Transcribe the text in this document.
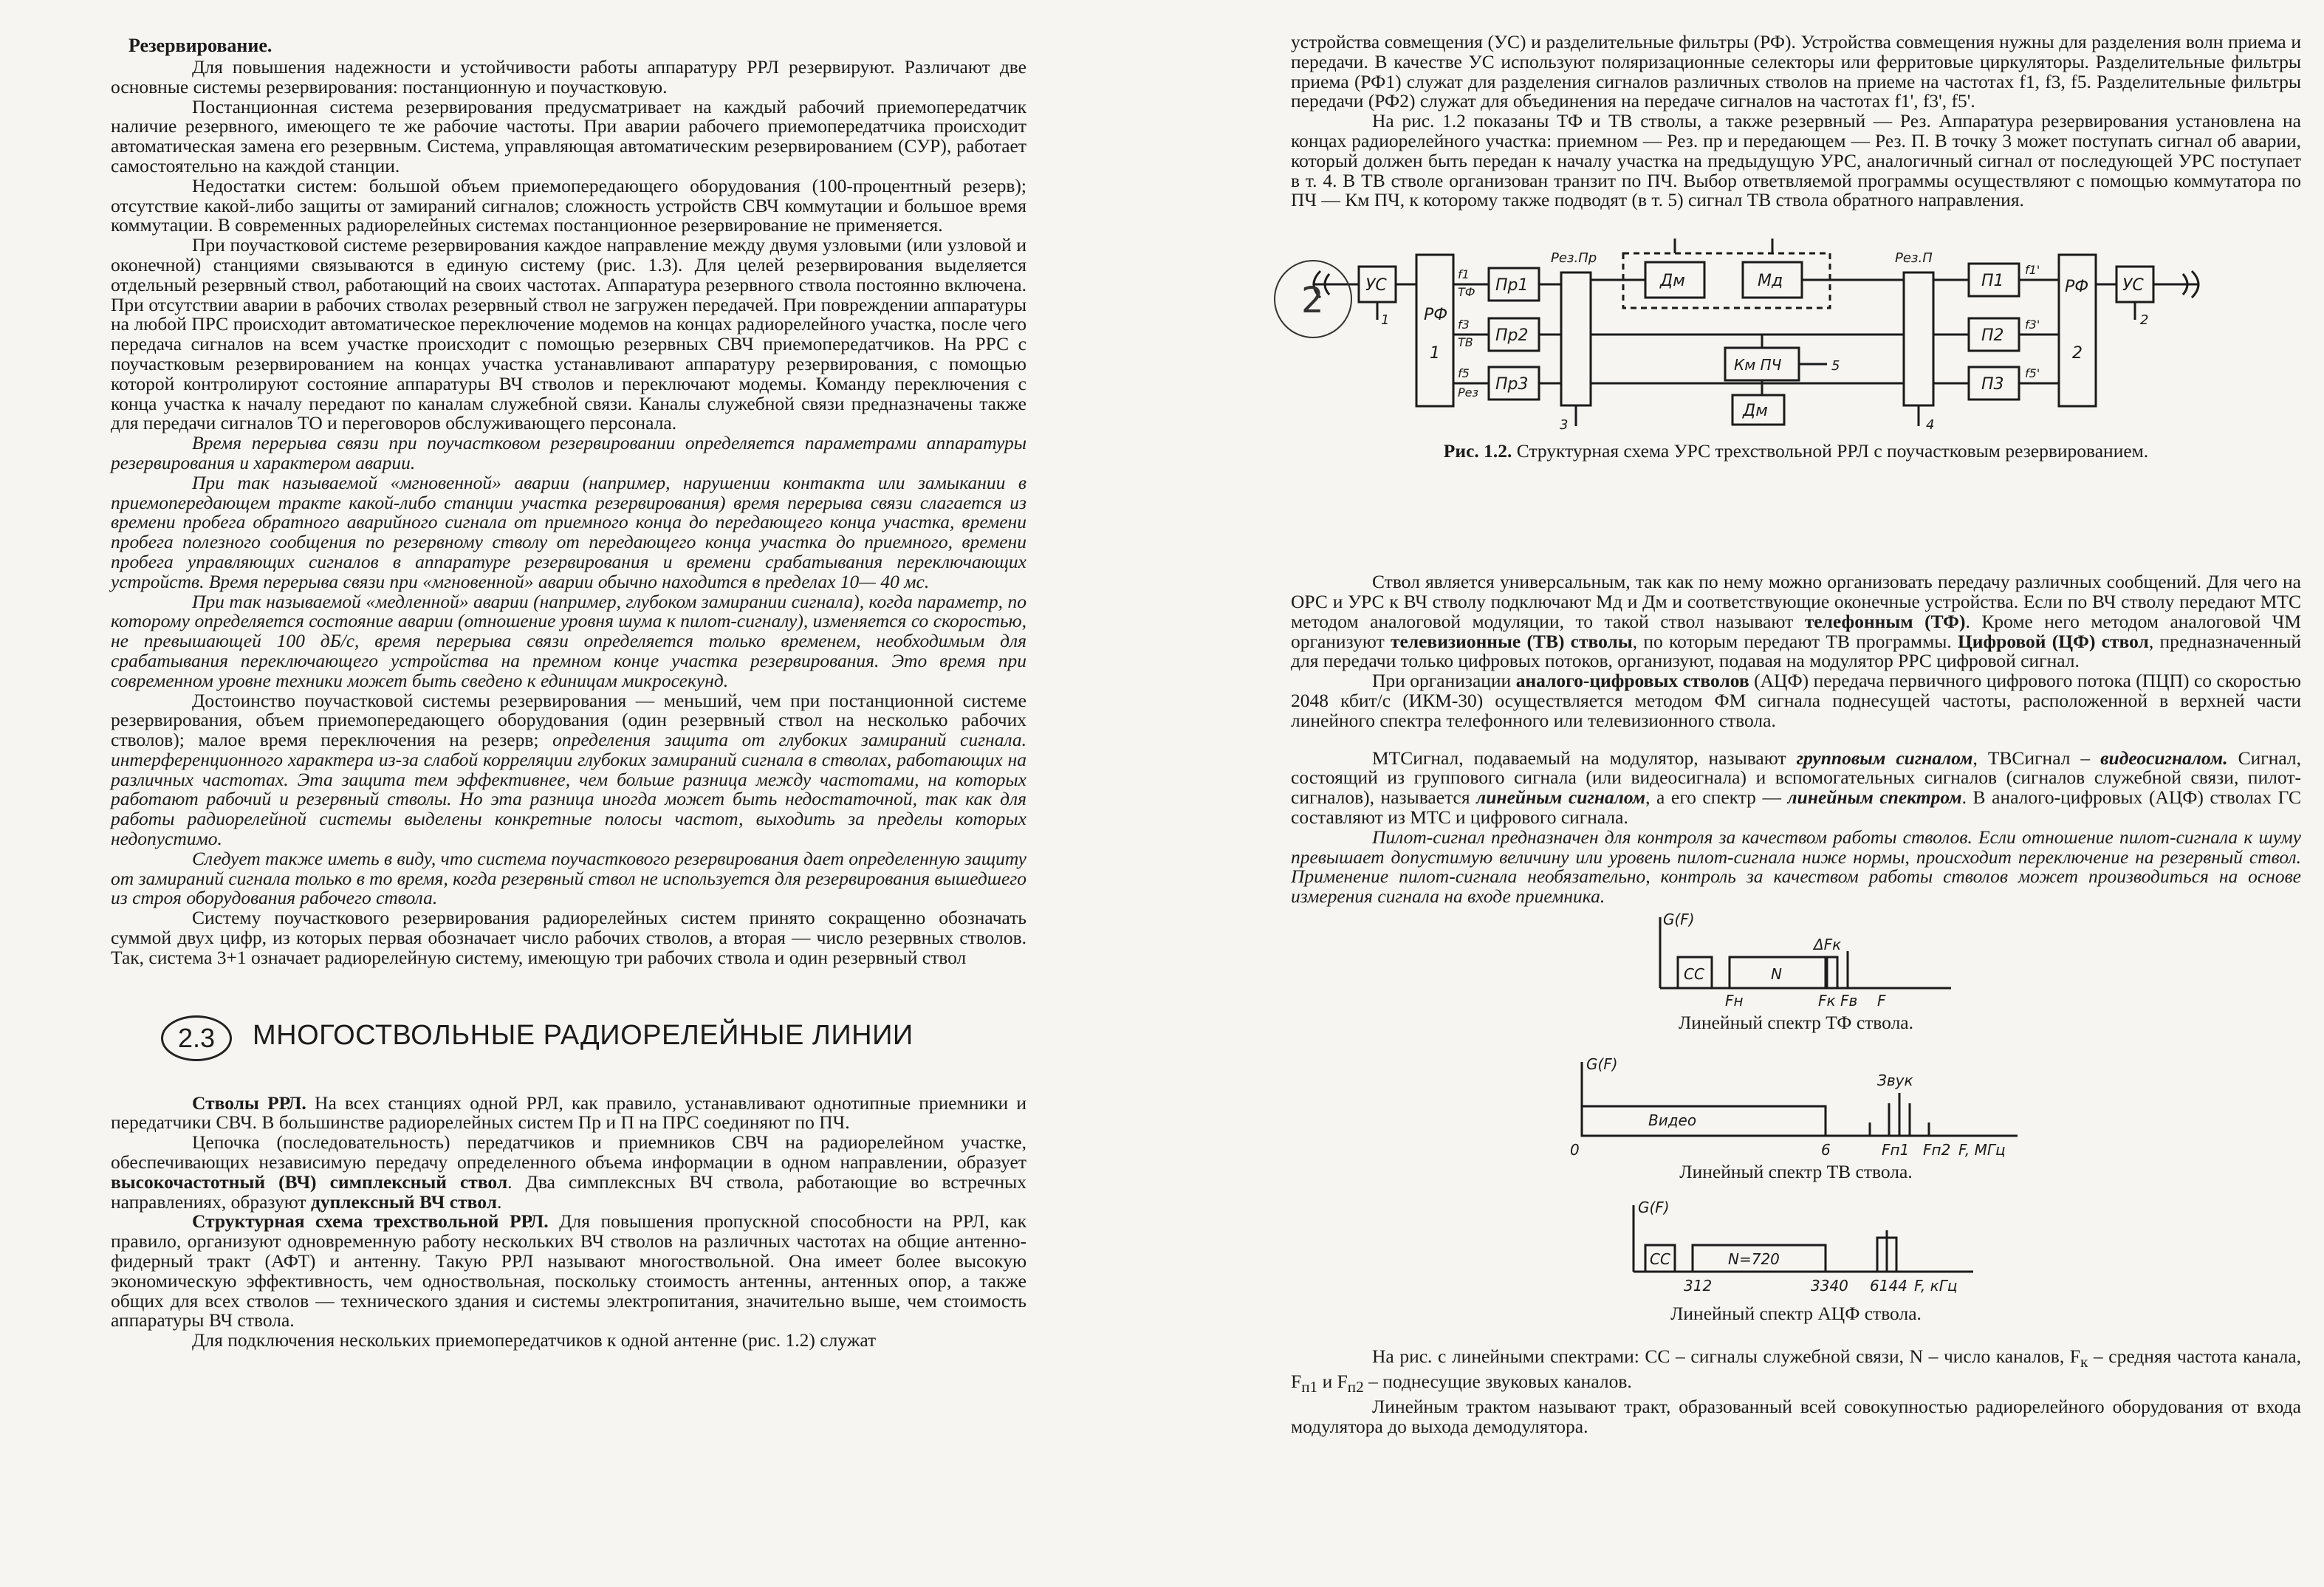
Резервирование.

Для повышения надежности и устойчивости работы аппаратуру РРЛ резервируют. Различают две основные системы резервирования: постанционную и поучастковую.

Постанционная система резервирования предусматривает на каждый рабочий приемопередатчик наличие резервного, имеющего те же рабочие частоты. При аварии рабочего приемопередатчика происходит автоматическая замена его резервным. Система, управляющая автоматическим резервированием (СУР), работает самостоятельно на каждой станции.

Недостатки систем: большой объем приемопередающего оборудования (100-процентный резерв); отсутствие какой-либо защиты от замираний сигналов; сложность устройств СВЧ коммутации и большое время коммутации. В современных радиорелейных системах постанционное резервирование не применяется.

При поучастковой системе резервирования каждое направление между двумя узловыми (или узловой и оконечной) станциями связываются в единую систему (рис. 1.3). Для целей резервирования выделяется отдельный резервный ствол, работающий на своих частотах. Аппаратура резервного ствола постоянно включена. При отсутствии аварии в рабочих стволах резервный ствол не загружен передачей. При повреждении аппаратуры на любой ПРС происходит автоматическое переключение модемов на концах радиорелейного участка, после чего передача сигналов на всем участке происходит с помощью резервных СВЧ приемопередатчиков. На РРС с поучастковым резервированием на концах участка устанавливают аппаратуру резервирования, с помощью которой контролируют состояние аппаратуры ВЧ стволов и переключают модемы. Команду переключения с конца участка к началу передают по каналам служебной связи. Каналы служебной связи предназначены также для передачи сигналов ТО и переговоров обслуживающего персонала.

Время перерыва связи при поучастковом резервировании определяется параметрами аппаратуры резервирования и характером аварии.

При так называемой «мгновенной» аварии (например, нарушении контакта или замыкании в приемопередающем тракте какой-либо станции участка резервирования) время перерыва связи слагается из времени пробега обратного аварийного сигнала от приемного конца до передающего конца участка, времени пробега полезного сообщения по резервному стволу от передающего конца участка до приемного, времени пробега управляющих сигналов в аппаратуре резервирования и времени срабатывания переключающих устройств. Время перерыва связи при «мгновенной» аварии обычно находится в пределах 10— 40 мс.

При так называемой «медленной» аварии (например, глубоком замирании сигнала), когда параметр, по которому определяется состояние аварии (отношение уровня шума к пилот-сигналу), изменяется со скоростью, не превышающей 100 дБ/с, время перерыва связи определяется только временем, необходимым для срабатывания переключающего устройства на премном конце участка резервирования. Это время при современном уровне техники может быть сведено к единицам микросекунд.

Достоинство поучастковой системы резервирования — меньший, чем при постанционной системе резервирования, объем приемопередающего оборудования (один резервный ствол на несколько рабочих стволов); малое время переключения на резерв; определения защита от глубоких замираний сигнала. интерференционного характера из-за слабой корреляции глубоких замираний сигнала в стволах, работающих на различных частотах. Эта защита тем эффективнее, чем больше разница между частотами, на которых работают рабочий и резервный стволы. Но эта разница иногда может быть недостаточной, так как для работы радиорелейной системы выделены конкретные полосы частот, выходить за пределы которых недопустимо.

Следует также иметь в виду, что система поучасткового резервирования дает определенную защиту от замираний сигнала только в то время, когда резервный ствол не используется для резервирования вышедшего из строя оборудования рабочего ствола.

Систему поучасткового резервирования радиорелейных систем принято сокращенно обозначать суммой двух цифр, из которых первая обозначает число рабочих стволов, а вторая — число резервных стволов. Так, система 3+1 означает радиорелейную систему, имеющую три рабочих ствола и один резервный ствол

2.3	МНОГОСТВОЛЬНЫЕ РАДИОРЕЛЕЙНЫЕ ЛИНИИ

Стволы РРЛ. На всех станциях одной РРЛ, как правило, устанавливают однотипные приемники и передатчики СВЧ. В большинстве радиорелейных систем Пр и П на ПРС соединяют по ПЧ.

Цепочка (последовательность) передатчиков и приемников СВЧ на радиорелейном участке, обеспечивающих независимую передачу определенного объема информации в одном направлении, образует высокочастотный (ВЧ) симплексный ствол. Два симплексных ВЧ ствола, работающие во встречных направлениях, образуют дуплексный ВЧ ствол.

Структурная схема трехствольной РРЛ. Для повышения пропускной способности на РРЛ, как правило, организуют одновременную работу нескольких ВЧ стволов на различных частотах на общие антенно-фидерный тракт (АФТ) и антенну. Такую РРЛ называют многоствольной. Она имеет более высокую экономическую эффективность, чем одноствольная, поскольку стоимость антенны, антенных опор, а также общих для всех стволов — технического здания и системы электропитания, значительно выше, чем стоимость аппаратуры ВЧ ствола.

Для подключения нескольких приемопередатчиков к одной антенне (рис. 1.2) служат

устройства совмещения (УС) и разделительные фильтры (РФ). Устройства совмещения нужны для разделения волн приема и передачи. В качестве УС используют поляризационные селекторы или ферритовые циркуляторы. Разделительные фильтры приема (РФ1) служат для разделения сигналов различных стволов на приеме на частотах f1, f3, f5. Разделительные фильтры передачи (РФ2) служат для объединения на передаче сигналов на частотах f1', f3', f5'.

На рис. 1.2 показаны ТФ и ТВ стволы, а также резервный — Рез. Аппаратура резервирования установлена на концах радиорелейного участка: приемном — Рез. пр и передающем — Рез. П. В точку 3 может поступать сигнал об аварии, который должен быть передан к началу участка на предыдущую УРС, аналогичный сигнал от последующей УРС поступает в т. 4. В ТВ стволе организован транзит по ПЧ. Выбор ответвляемой программы осуществляют с помощью коммутатора по ПЧ — Км ПЧ, к которому также подводят (в т. 5) сигнал ТВ ствола обратного направления.

УС
РФ
1
1
f1
ТФ
f3
ТВ
f5
Рез
Пр1
Пр2
Пр3
Рез.Пр
Дм	Мд
Км ПЧ
Дм
5
3	4
Рез.П
П1
П2
П3
f1'
f3'
f5'
РФ
2
УС
2
Рис. 1.2. Структурная схема УРС трехствольной РРЛ с поучастковым резервированием.
2

Ствол является универсальным, так как по нему можно организовать передачу различных сообщений. Для чего на ОРС и УРС к ВЧ стволу подключают Мд и Дм и соответствующие оконечные устройства. Если по ВЧ стволу передают МТС методом аналоговой модуляции, то такой ствол называют телефонным (ТФ). Кроме него методом аналоговой ЧМ организуют телевизионные (ТВ) стволы, по которым передают ТВ программы. Цифровой (ЦФ) ствол, предназначенный для передачи только цифровых потоков, организуют, подавая на модулятор РРС цифровой сигнал.

При организации аналого-цифровых стволов (АЦФ) передача первичного цифрового потока (ПЦП) со скоростью 2048 кбит/с (ИКМ-30) осуществляется методом ФМ сигнала поднесущей частоты, расположенной в верхней части линейного спектра телефонного или телевизионного ствола.

МТСигнал, подаваемый на модулятор, называют групповым сигналом, ТВСигнал – видеосигналом. Сигнал, состоящий из группового сигнала (или видеосигнала) и вспомогательных сигналов (сигналов служебной связи, пилот-сигналов), называется линейным сигналом, а его спектр — линейным спектром. В аналого-цифровых (АЦФ) стволах ГС составляют из МТС и цифрового сигнала.

Пилот-сигнал предназначен для контроля за качеством работы стволов. Если отношение пилот-сигнала к шуму превышает допустимую величину или уровень пилот-сигнала ниже нормы, происходит переключение на резервный ствол. Применение пилот-сигнала необязательно, контроль за качеством работы стволов может производиться на основе измерения сигнала на входе приемника.

G(F)
СС	N
ΔFк
Fн	Fк Fв F
Линейный спектр ТФ ствола.
G(F)
Видео
0	6	Fп1 Fп2 F, МГц
Звук
Линейный спектр ТВ ствола.
G(F)
СС	N=720
312	3340 6144 F, кГц
Линейный спектр АЦФ ствола.

На рис. с линейными спектрами: СС – сигналы служебной связи, N – число каналов, $F_к$ – средняя частота канала, $F_{п1}$ и $F_{п2}$ – поднесущие звуковых каналов.

Линейным трактом называют тракт, образованный всей совокупностью радиорелейного оборудования от входа модулятора до выхода демодулятора.
